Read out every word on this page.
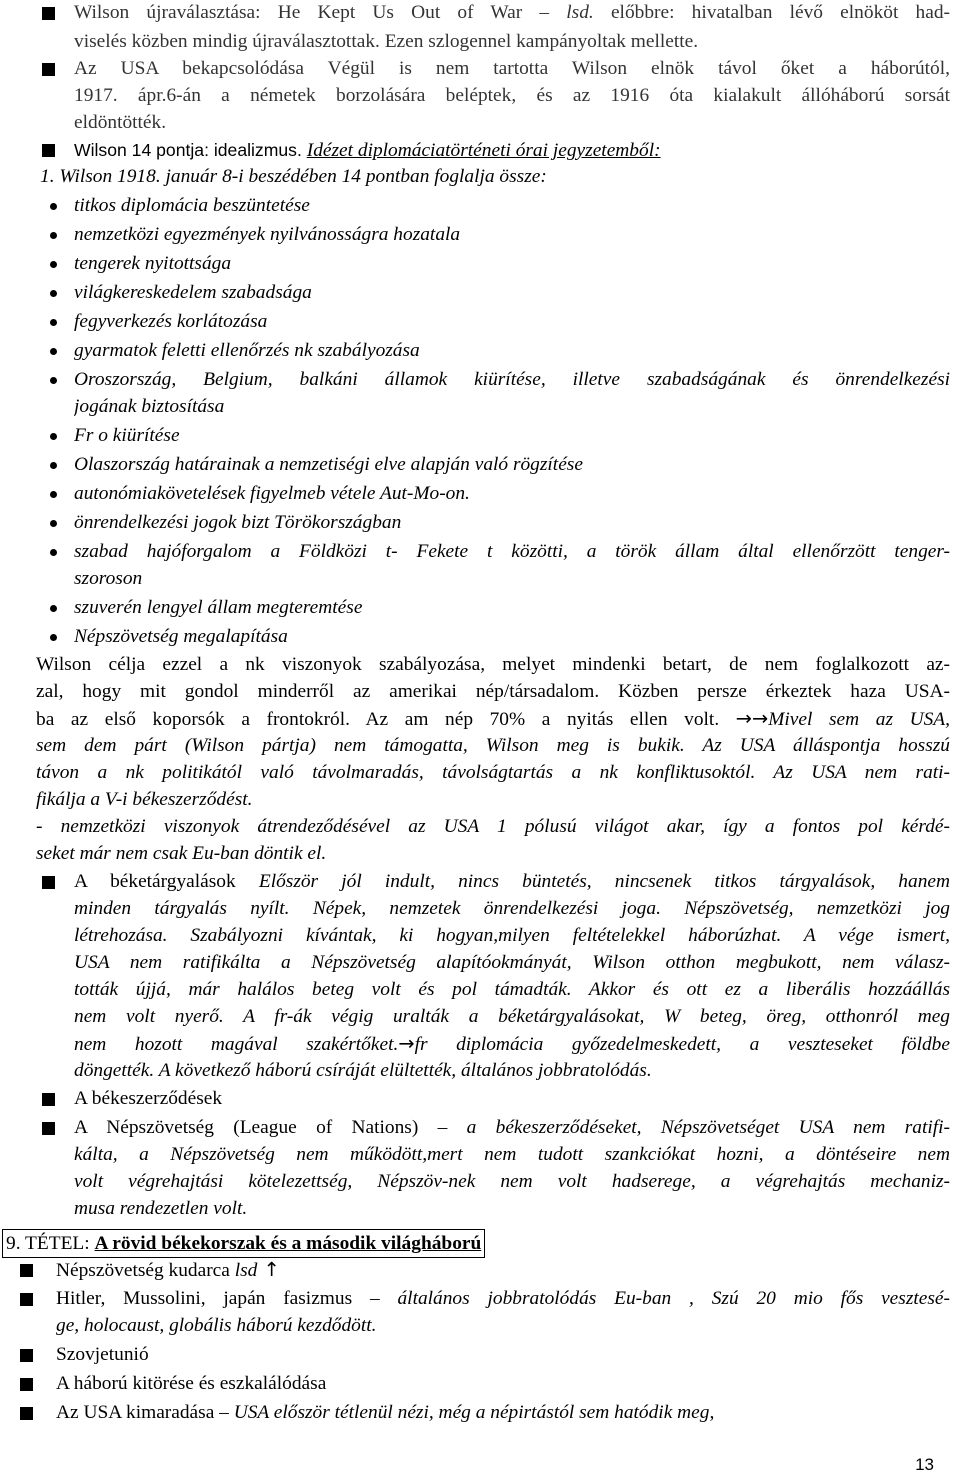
9. TÉTEL: A rövid békekorszak és a második világháború
13
Wilson újraválasztása: He Kept Us Out of War – lsd. előbbre: hivatalban lévő elnököt had-
viselés közben mindig újraválasztottak. Ezen szlogennel kampányoltak mellette.
Az USA bekapcsolódása Végül is nem tartotta Wilson elnök távol őket a háborútól,
1917. ápr.6-án a németek borzolására beléptek, és az 1916 óta kialakult állóháború sorsát
eldöntötték.
Wilson 14 pontja: idealizmus. Idézet diplomáciatörténeti órai jegyzetemből:
1. Wilson 1918. január 8-i beszédében 14 pontban foglalja össze:
titkos diplomácia beszüntetése
nemzetközi egyezmények nyilvánosságra hozatala
tengerek nyitottsága
világkereskedelem szabadsága
fegyverkezés korlátozása
gyarmatok feletti ellenőrzés nk szabályozása
Oroszország, Belgium, balkáni államok kiürítése, illetve szabadságának és önrendelkezési
jogának biztosítása
Fr o kiürítése
Olaszország határainak a nemzetiségi elve alapján való rögzítése
autonómiakövetelések figyelmeb vétele Aut-Mo-on.
önrendelkezési jogok bizt Törökországban
szabad hajóforgalom a Földközi t- Fekete t közötti, a török állam által ellenőrzött tenger-
szoroson
szuverén lengyel állam megteremtése
Népszövetség megalapítása
Wilson célja ezzel a nk viszonyok szabályozása, melyet mindenki betart, de nem foglalkozott az-
zal, hogy mit gondol minderről az amerikai nép/társadalom. Közben persze érkeztek haza USA-
ba az első koporsók a frontokról. Az am nép 70% a nyitás ellen volt. →→Mivel sem az USA,
sem dem párt (Wilson pártja) nem támogatta, Wilson meg is bukik. Az USA álláspontja hosszú
távon a nk politikától való távolmaradás, távolságtartás a nk konfliktusoktól. Az USA nem rati-
fikálja a V-i békeszerződést.
- nemzetközi viszonyok átrendeződésével az USA 1 pólusú világot akar, így a fontos pol kérdé-
seket már nem csak Eu-ban döntik el.
A béketárgyalások Először jól indult, nincs büntetés, nincsenek titkos tárgyalások, hanem
minden tárgyalás nyílt. Népek, nemzetek önrendelkezési joga. Népszövetség, nemzetközi jog
létrehozása. Szabályozni kívántak, ki hogyan,milyen feltételekkel háborúzhat. A vége ismert,
USA nem ratifikálta a Népszövetség alapítóokmányát, Wilson otthon megbukott, nem válasz-
tották újjá, már halálos beteg volt és pol támadták. Akkor és ott ez a liberális hozzáállás
nem volt nyerő. A fr-ák végig uralták a béketárgyalásokat, W beteg, öreg, otthonról meg
nem hozott magával szakértőket.→fr diplomácia győzedelmeskedett, a veszteseket földbe
döngették. A következő háború csíráját elültették, általános jobbratolódás.
A békeszerződések
A Népszövetség (League of Nations) – a békeszerződéseket, Népszövetséget USA nem ratifi-
kálta, a Népszövetség nem működött,mert nem tudott szankciókat hozni, a döntéseire nem
volt végrehajtási kötelezettség, Népszöv-nek nem volt hadserege, a végrehajtás mechaniz-
musa rendezetlen volt.
Népszövetség kudarca lsd ↑
Hitler, Mussolini, japán fasizmus – általános jobbratolódás Eu-ban , Szú 20 mio fős vesztesé-
ge, holocaust, globális háború kezdődött.
Szovjetunió
A háború kitörése és eszkalálódása
Az USA kimaradása – USA először tétlenül nézi, még a népirtástól sem hatódik meg,
